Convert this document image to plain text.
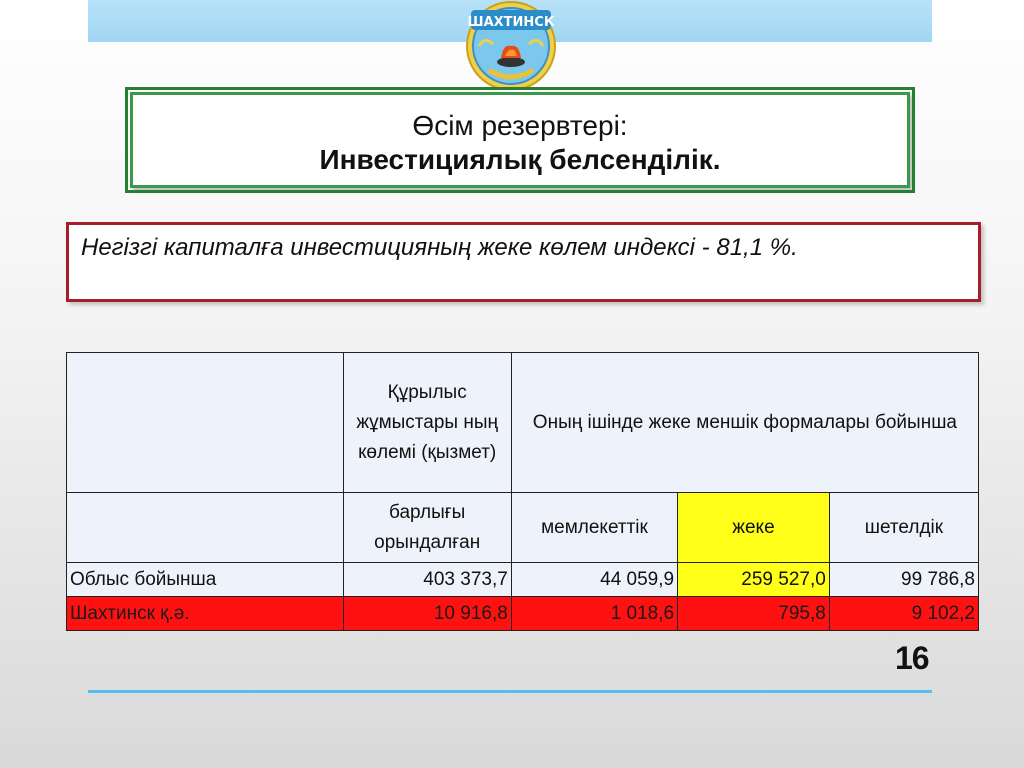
ШАХТИНСК
Өсім резервтері:
Инвестициялық белсенділік.
Негізгі капиталға инвестицияның жеке көлем индексі - 81,1 %.
	Құрылыс жұмыстары ның көлемі (қызмет)	Оның ішінде жеке меншік формалары бойынша		
	барлығы орындалған	мемлекеттік	жеке	шетелдік
Облыс бойынша	403 373,7	44 059,9	259 527,0	99 786,8
Шахтинск қ.ә.	10 916,8	1 018,6	795,8	9 102,2
16
